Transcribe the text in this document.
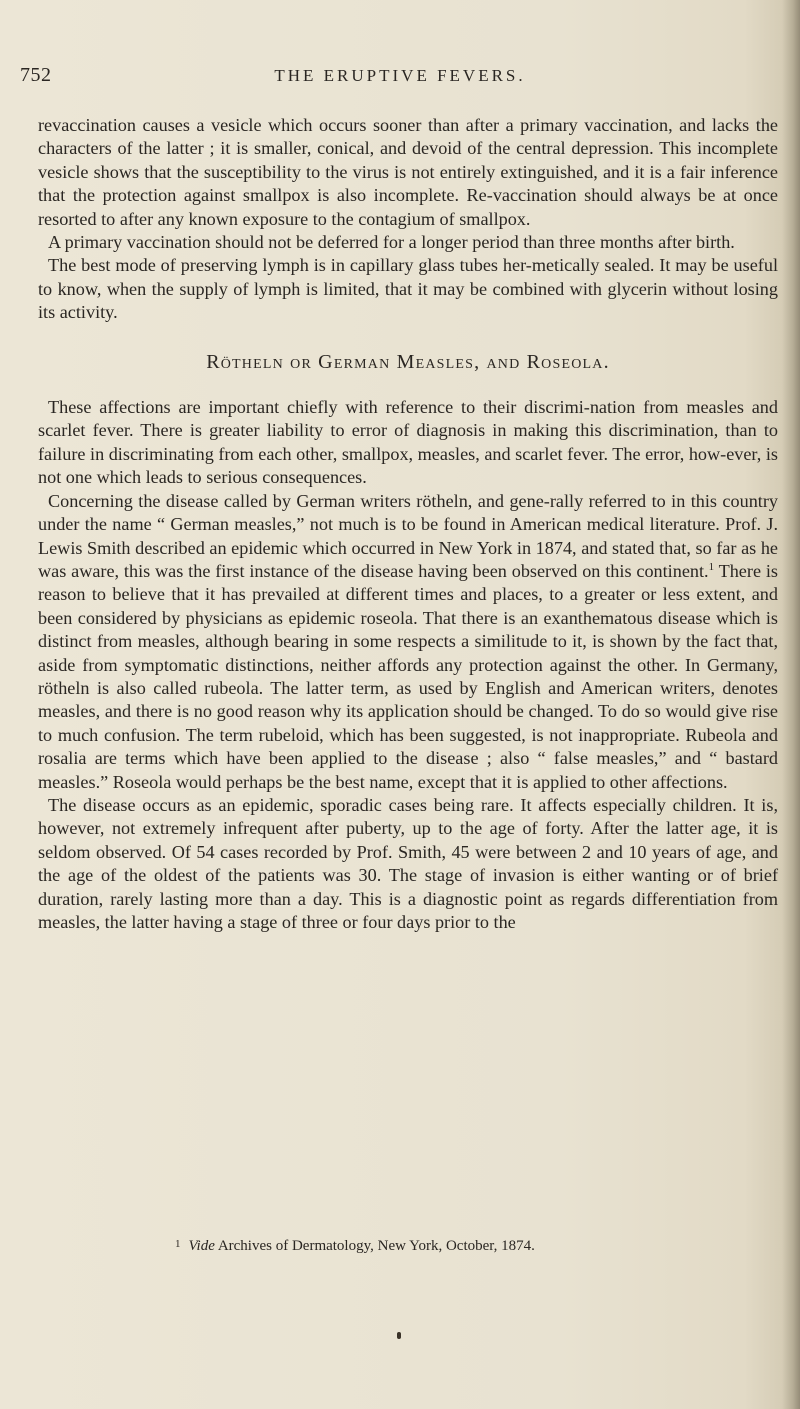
752	THE ERUPTIVE FEVERS.

revaccination causes a vesicle which occurs sooner than after a primary vaccination, and lacks the characters of the latter ; it is smaller, conical, and devoid of the central depression. This incomplete vesicle shows that the susceptibility to the virus is not entirely extinguished, and it is a fair inference that the protection against smallpox is also incomplete. Re-vaccination should always be at once resorted to after any known exposure to the contagium of smallpox.

A primary vaccination should not be deferred for a longer period than three months after birth.

The best mode of preserving lymph is in capillary glass tubes her-metically sealed. It may be useful to know, when the supply of lymph is limited, that it may be combined with glycerin without losing its activity.

Rötheln or German Measles, and Roseola.

These affections are important chiefly with reference to their discrimi-nation from measles and scarlet fever. There is greater liability to error of diagnosis in making this discrimination, than to failure in discriminating from each other, smallpox, measles, and scarlet fever. The error, how-ever, is not one which leads to serious consequences.

Concerning the disease called by German writers rötheln, and gene-rally referred to in this country under the name “ German measles,” not much is to be found in American medical literature. Prof. J. Lewis Smith described an epidemic which occurred in New York in 1874, and stated that, so far as he was aware, this was the first instance of the disease having been observed on this continent.$^1$ There is reason to believe that it has prevailed at different times and places, to a greater or less extent, and been considered by physicians as epidemic roseola. That there is an exanthematous disease which is distinct from measles, although bearing in some respects a similitude to it, is shown by the fact that, aside from symptomatic distinctions, neither affords any protection against the other. In Germany, rötheln is also called rubeola. The latter term, as used by English and American writers, denotes measles, and there is no good reason why its application should be changed. To do so would give rise to much confusion. The term rubeloid, which has been suggested, is not inappropriate. Rubeola and rosalia are terms which have been applied to the disease ; also “ false measles,” and “ bastard measles.” Roseola would perhaps be the best name, except that it is applied to other affections.

The disease occurs as an epidemic, sporadic cases being rare. It affects especially children. It is, however, not extremely infrequent after puberty, up to the age of forty. After the latter age, it is seldom observed. Of 54 cases recorded by Prof. Smith, 45 were between 2 and 10 years of age, and the age of the oldest of the patients was 30. The stage of invasion is either wanting or of brief duration, rarely lasting more than a day. This is a diagnostic point as regards differentiation from measles, the latter having a stage of three or four days prior to the

$^1$ Vide Archives of Dermatology, New York, October, 1874.
